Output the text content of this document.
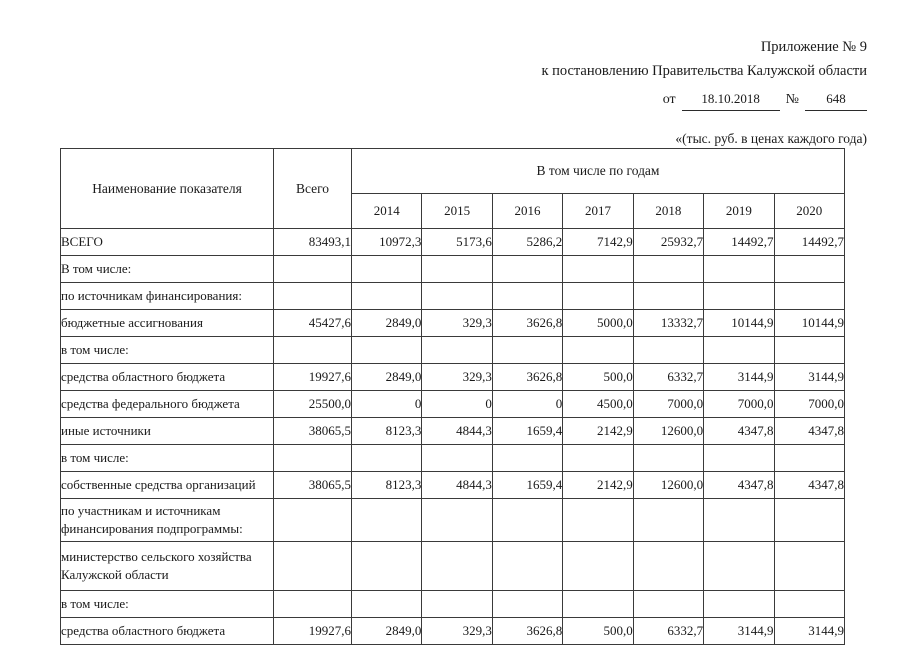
Приложение № 9
к постановлению Правительства Калужской области
от	18.10.2018	№	648
«(тыс. руб. в ценах каждого года)
Наименование показателя	Всего	В том числе по годам						
		2014	2015	2016	2017	2018	2019	2020
ВСЕГО	83493,1	10972,3	5173,6	5286,2	7142,9	25932,7	14492,7	14492,7
В том числе:								
по источникам финансирования:								
бюджетные ассигнования	45427,6	2849,0	329,3	3626,8	5000,0	13332,7	10144,9	10144,9
в том числе:								
средства областного бюджета	19927,6	2849,0	329,3	3626,8	500,0	6332,7	3144,9	3144,9
средства федерального бюджета	25500,0	0	0	0	4500,0	7000,0	7000,0	7000,0
иные источники	38065,5	8123,3	4844,3	1659,4	2142,9	12600,0	4347,8	4347,8
в том числе:								
собственные средства организаций	38065,5	8123,3	4844,3	1659,4	2142,9	12600,0	4347,8	4347,8
по участникам и источникам финансирования подпрограммы:								
министерство сельского хозяйства Калужской области								
в том числе:								
средства областного бюджета	19927,6	2849,0	329,3	3626,8	500,0	6332,7	3144,9	3144,9
